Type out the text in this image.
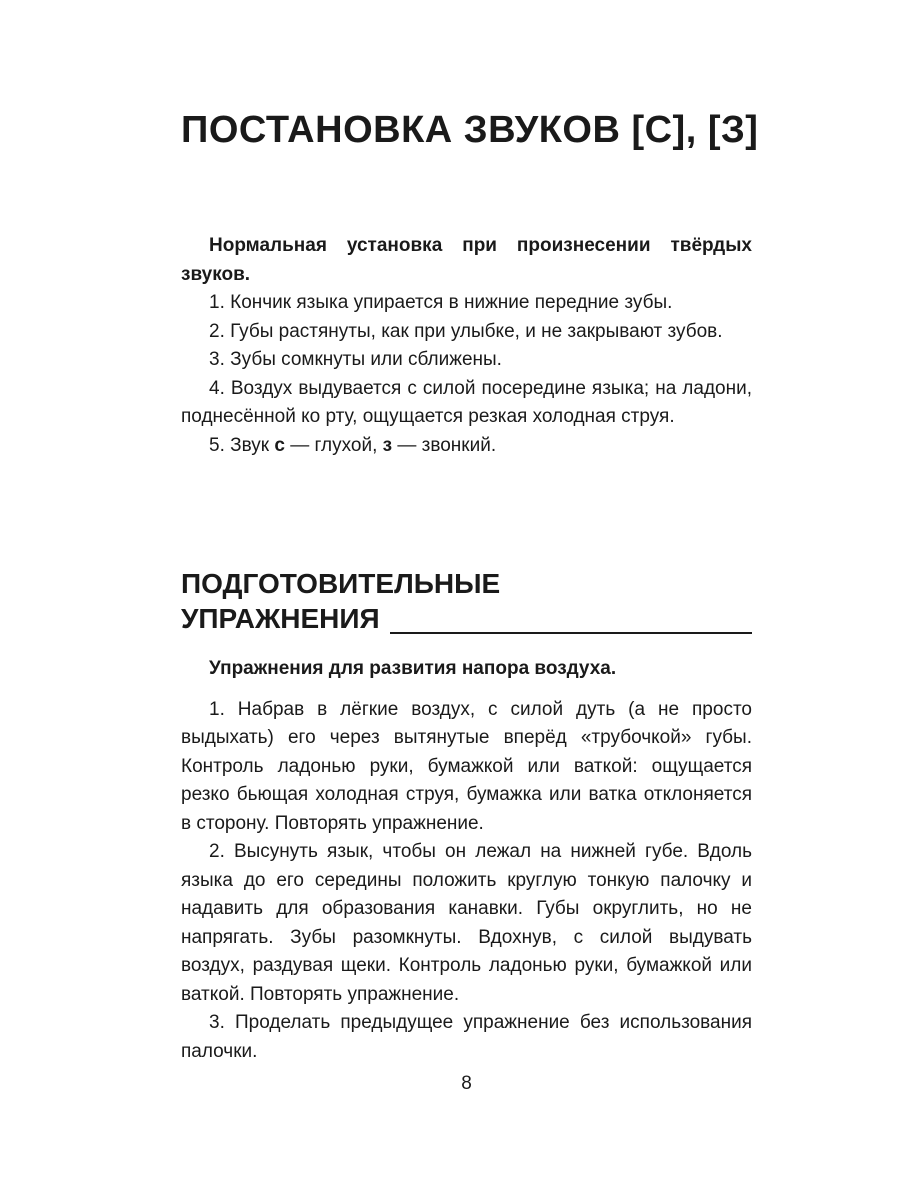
ПОСТАНОВКА ЗВУКОВ [С], [З]

Нормальная установка при произнесении твёрдых звуков.

1. Кончик языка упирается в нижние передние зубы.

2. Губы растянуты, как при улыбке, и не закрывают зубов.

3. Зубы сомкнуты или сближены.

4. Воздух выдувается с силой посередине языка; на ладони, поднесённой ко рту, ощущается резкая холодная струя.

5. Звук с — глухой, з — звонкий.

ПОДГОТОВИТЕЛЬНЫЕ
УПРАЖНЕНИЯ

Упражнения для развития напора воздуха.

1. Набрав в лёгкие воздух, с силой дуть (а не просто выдыхать) его через вытянутые вперёд «трубочкой» губы. Контроль ладонью руки, бумажкой или ваткой: ощущается резко бьющая холодная струя, бумажка или ватка отклоняется в сторону. Повторять упражнение.

2. Высунуть язык, чтобы он лежал на нижней губе. Вдоль языка до его середины положить круглую тонкую палочку и надавить для образования канавки. Губы округлить, но не напрягать. Зубы разомкнуты. Вдохнув, с силой выдувать воздух, раздувая щеки. Контроль ладонью руки, бумажкой или ваткой. Повторять упражнение.

3. Проделать предыдущее упражнение без использования палочки.

8
